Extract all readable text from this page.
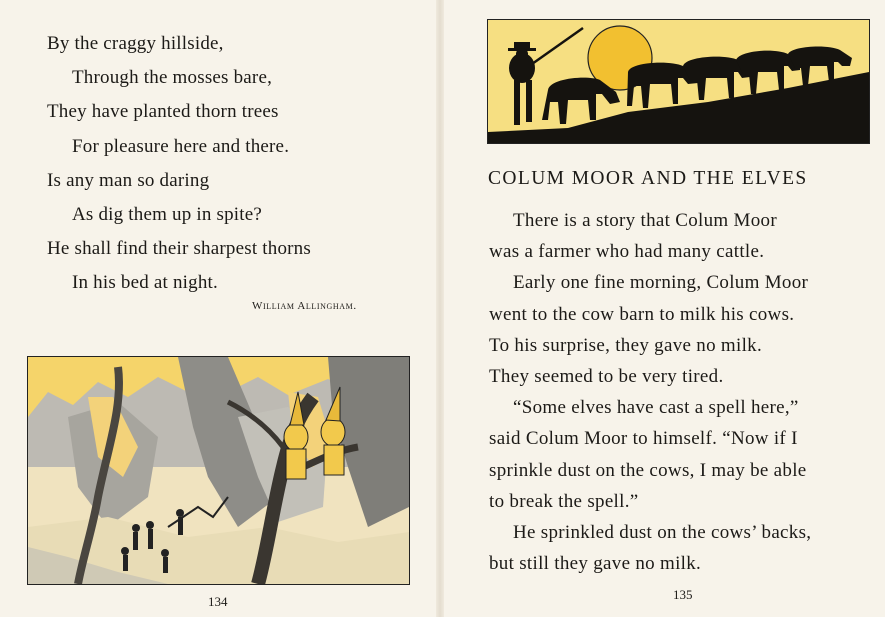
By the craggy hillside,
Through the mosses bare,
They have planted thorn trees
For pleasure here and there.
Is any man so daring
As dig them up in spite?
He shall find their sharpest thorns
In his bed at night.
William Allingham.
134
COLUM MOOR AND THE ELVES
There is a story that Colum Moor
was a farmer who had many cattle.
Early one fine morning, Colum Moor
went to the cow barn to milk his cows.
To his surprise, they gave no milk.
They seemed to be very tired.
“Some elves have cast a spell here,”
said Colum Moor to himself. “Now if I
sprinkle dust on the cows, I may be able
to break the spell.”
He sprinkled dust on the cows’ backs,
but still they gave no milk.
135
